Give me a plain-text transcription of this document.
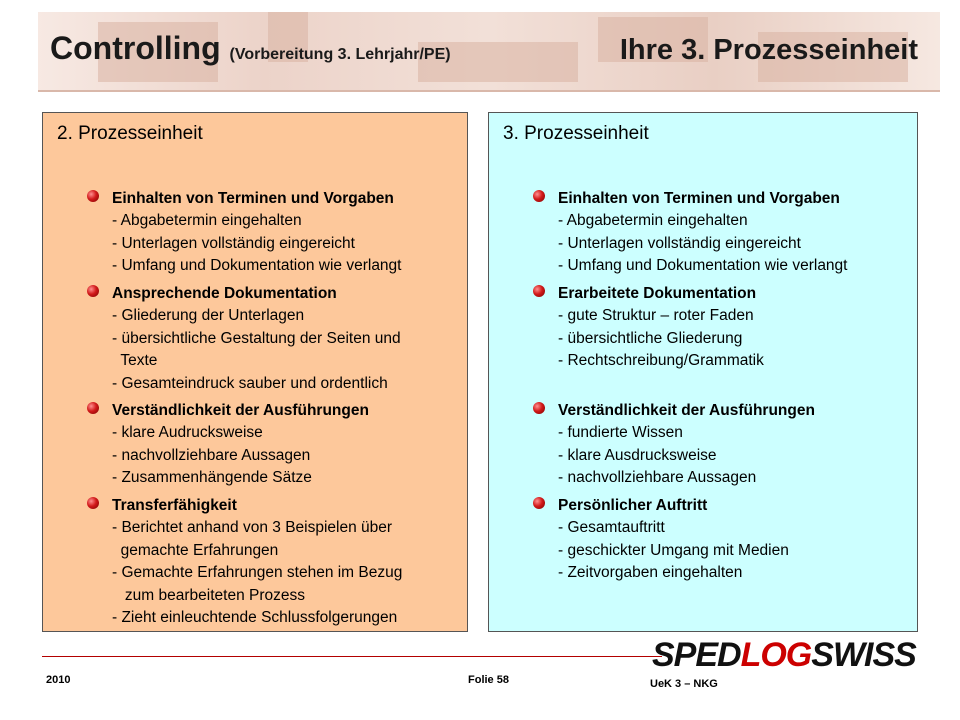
Controlling (Vorbereitung 3. Lehrjahr/PE)	Ihre 3. Prozesseinheit
2. Prozesseinheit
Einhalten von Terminen und Vorgaben
- Abgabetermin eingehalten
- Unterlagen vollständig eingereicht
- Umfang und Dokumentation wie verlangt
Ansprechende Dokumentation
- Gliederung der Unterlagen
- übersichtliche Gestaltung der Seiten und
Texte
- Gesamteindruck sauber und ordentlich
Verständlichkeit der Ausführungen
- klare Audrucksweise
- nachvollziehbare Aussagen
- Zusammenhängende Sätze
Transferfähigkeit
- Berichtet anhand von 3 Beispielen über
gemachte Erfahrungen
- Gemachte Erfahrungen stehen im Bezug
zum bearbeiteten Prozess
- Zieht einleuchtende Schlussfolgerungen
3. Prozesseinheit
Einhalten von Terminen und Vorgaben
- Abgabetermin eingehalten
- Unterlagen vollständig eingereicht
- Umfang und Dokumentation wie verlangt
Erarbeitete Dokumentation
- gute Struktur – roter Faden
- übersichtliche Gliederung
- Rechtschreibung/Grammatik
Verständlichkeit der Ausführungen
- fundierte Wissen
- klare Ausdrucksweise
- nachvollziehbare Aussagen
Persönlicher Auftritt
- Gesamtauftritt
- geschickter Umgang mit Medien
- Zeitvorgaben eingehalten
SPEDLOGSWISS
2010	Folie 58	UeK 3 – NKG
